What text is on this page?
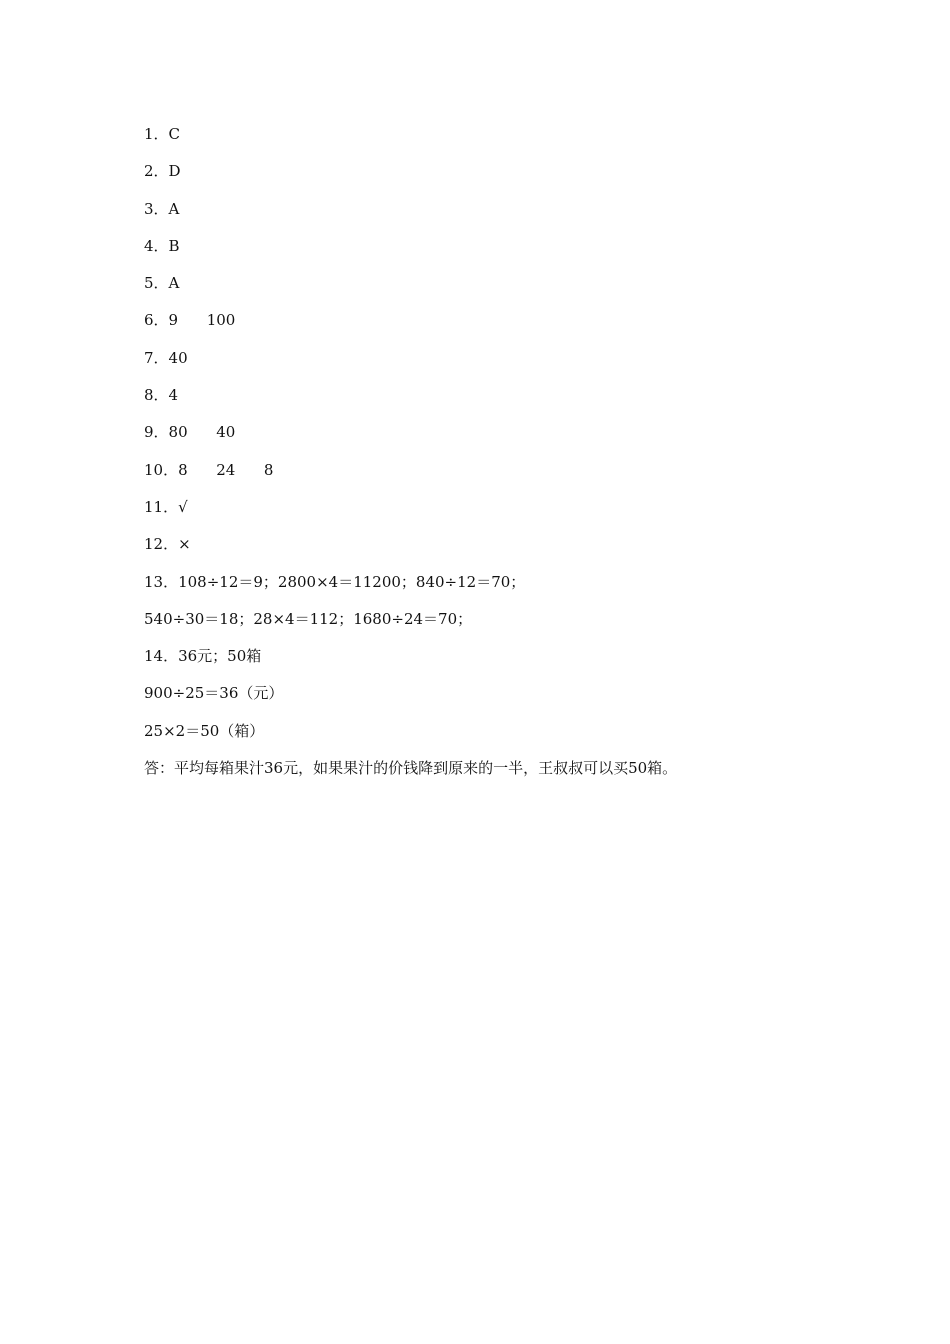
1．C
2．D
3．A
4．B
5．A
6．9      100
7．40
8．4
9．80      40
10．8      24      8
11．√
12．×
13．108÷12＝9；2800×4＝11200；840÷12＝70；
540÷30＝18；28×4＝112；1680÷24＝70；
14．36元；50箱
900÷25＝36（元）
25×2＝50（箱）
答：平均每箱果汁36元，如果果汁的价钱降到原来的一半，王叔叔可以买50箱。
